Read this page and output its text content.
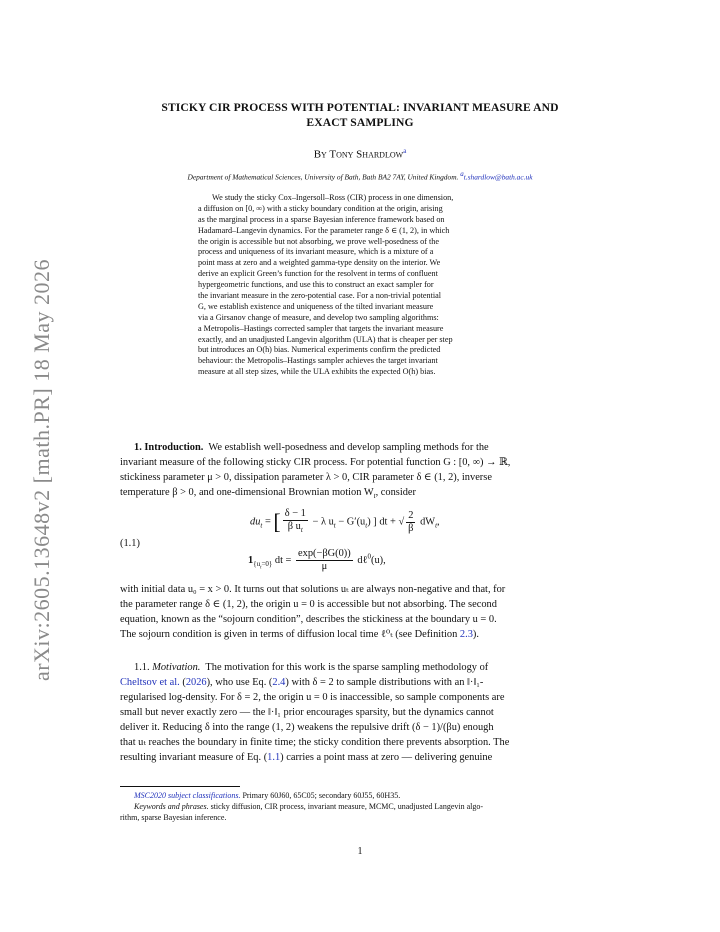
arXiv:2605.13648v2 [math.PR] 18 May 2026
STICKY CIR PROCESS WITH POTENTIAL: INVARIANT MEASURE AND
EXACT SAMPLING
By Tony Shardlow$^a$
Department of Mathematical Sciences, University of Bath, Bath BA2 7AY, United Kingdom. $^a$t.shardlow@bath.ac.uk
We study the sticky Cox–Ingersoll–Ross (CIR) process in one dimension,
a diffusion on [0, ∞) with a sticky boundary condition at the origin, arising
as the marginal process in a sparse Bayesian inference framework based on
Hadamard–Langevin dynamics. For the parameter range δ ∈ (1, 2), in which
the origin is accessible but not absorbing, we prove well-posedness of the
process and uniqueness of its invariant measure, which is a mixture of a
point mass at zero and a weighted gamma-type density on the interior. We
derive an explicit Green’s function for the resolvent in terms of confluent
hypergeometric functions, and use this to construct an exact sampler for
the invariant measure in the zero-potential case. For a non-trivial potential
G, we establish existence and uniqueness of the tilted invariant measure
via a Girsanov change of measure, and develop two sampling algorithms:
a Metropolis–Hastings corrected sampler that targets the invariant measure
exactly, and an unadjusted Langevin algorithm (ULA) that is cheaper per step
but introduces an O(h) bias. Numerical experiments confirm the predicted
behaviour: the Metropolis–Hastings sampler achieves the target invariant
measure at all step sizes, while the ULA exhibits the expected O(h) bias.
1. Introduction. We establish well-posedness and develop sampling methods for the
invariant measure of the following sticky CIR process. For potential function G : [0, ∞) → ℝ,
stickiness parameter μ > 0, dissipation parameter λ > 0, CIR parameter δ ∈ (1, 2), inverse
temperature β > 0, and one-dimensional Brownian motion $W_t$, consider
(1.1)
$du_t$ = [ $\frac{\delta - 1}{\beta u_t} - \lambda$ $u_t - G'(u_t)$ ] dt + √ $\frac{2}{\beta} dW_t$,
$1_{\{u_t=0\}}$ dt = $\frac{\exp(-\beta G(0))}{\mu}$ dℓ$^0$(u),
with initial data u₀ = x > 0. It turns out that solutions uₜ are always non-negative and that, for
the parameter range δ ∈ (1, 2), the origin u = 0 is accessible but not absorbing. The second
equation, known as the “sojourn condition”, describes the stickiness at the boundary u = 0.
The sojourn condition is given in terms of diffusion local time ℓ⁰ₜ (see Definition 2.3).
1.1. Motivation. The motivation for this work is the sparse sampling methodology of
Cheltsov et al. (2026), who use Eq. (2.4) with δ = 2 to sample distributions with an ‖·‖₁-
regularised log-density. For δ = 2, the origin u = 0 is inaccessible, so sample components are
small but never exactly zero — the ‖·‖₁ prior encourages sparsity, but the dynamics cannot
deliver it. Reducing δ into the range (1, 2) weakens the repulsive drift (δ − 1)/(βu) enough
that uₜ reaches the boundary in finite time; the sticky condition there prevents absorption. The
resulting invariant measure of Eq. (1.1) carries a point mass at zero — delivering genuine
MSC2020 subject classifications. Primary 60J60, 65C05; secondary 60J55, 60H35.
Keywords and phrases. sticky diffusion, CIR process, invariant measure, MCMC, unadjusted Langevin algo-
rithm, sparse Bayesian inference.
1
